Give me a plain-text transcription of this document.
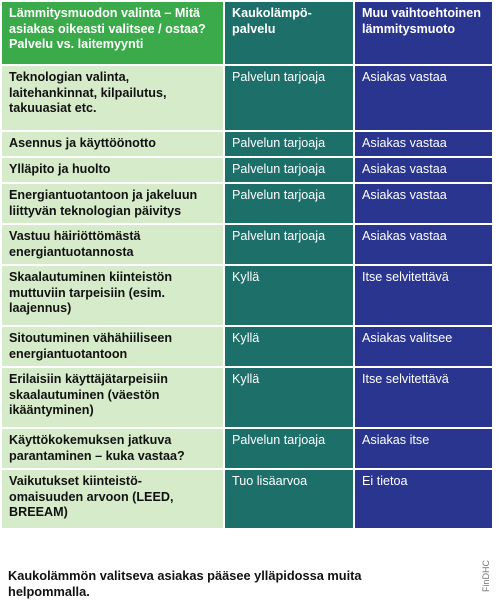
Lämmitysmuodon valinta – Mitä asiakas oikeasti valitsee / ostaa? Palvelu vs. laitemyynti	Kaukolämpö-palvelu	Muu vaihtoehtoinen lämmitysmuoto
Teknologian valinta, laitehankinnat, kilpailutus, takuuasiat etc.	Palvelun tarjoaja	Asiakas vastaa
Asennus ja käyttöönotto	Palvelun tarjoaja	Asiakas vastaa
Ylläpito ja huolto	Palvelun tarjoaja	Asiakas vastaa
Energiantuotantoon ja jakeluun liittyvän teknologian päivitys	Palvelun tarjoaja	Asiakas vastaa
Vastuu häiriöttömästä energiantuotannosta	Palvelun tarjoaja	Asiakas vastaa
Skaalautuminen kiinteistön muttuviin tarpeisiin (esim. laajennus)	Kyllä	Itse selvitettävä
Sitoutuminen vähähiiliseen energiantuotantoon	Kyllä	Asiakas valitsee
Erilaisiin käyttäjätarpeisiin skaalautuminen (väestön ikääntyminen)	Kyllä	Itse selvitettävä
Käyttökokemuksen jatkuva parantaminen – kuka vastaa?	Palvelun tarjoaja	Asiakas itse
Vaikutukset kiinteistö-omaisuuden arvoon (LEED, BREEAM)	Tuo lisäarvoa	Ei tietoa
Kaukolämmön valitseva asiakas pääsee ylläpidossa muita helpommalla.	FinDHC
